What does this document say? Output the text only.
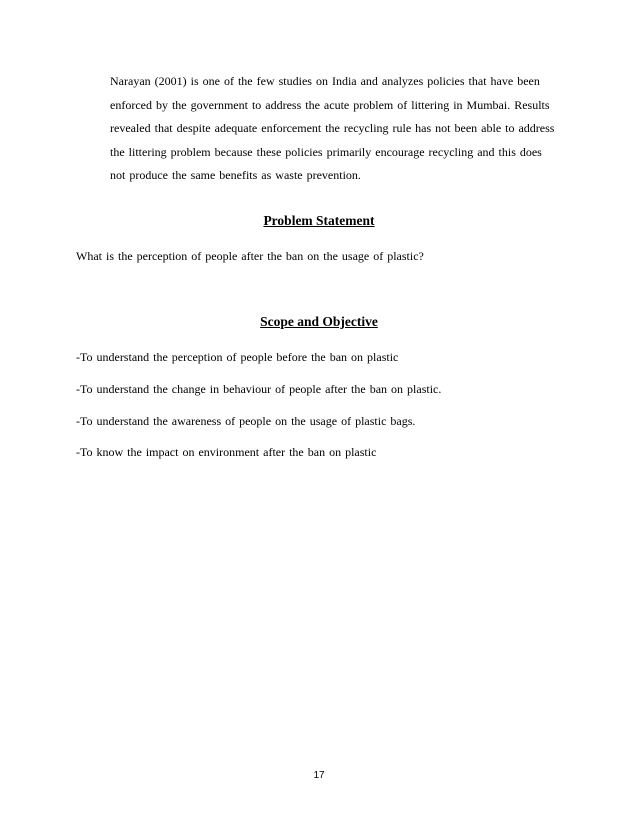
Narayan (2001) is one of the few studies on India and analyzes policies that have been
enforced by the government to address the acute problem of littering in Mumbai. Results
revealed that despite adequate enforcement the recycling rule has not been able to address
the littering problem because these policies primarily encourage recycling and this does
not produce the same benefits as waste prevention.

Problem Statement

What is the perception of people after the ban on the usage of plastic?

Scope and Objective

-To understand the perception of people before the ban on plastic

-To understand the change in behaviour of people after the ban on plastic.

-To understand the awareness of people on the usage of plastic bags.

-To know the impact on environment after the ban on plastic

17
